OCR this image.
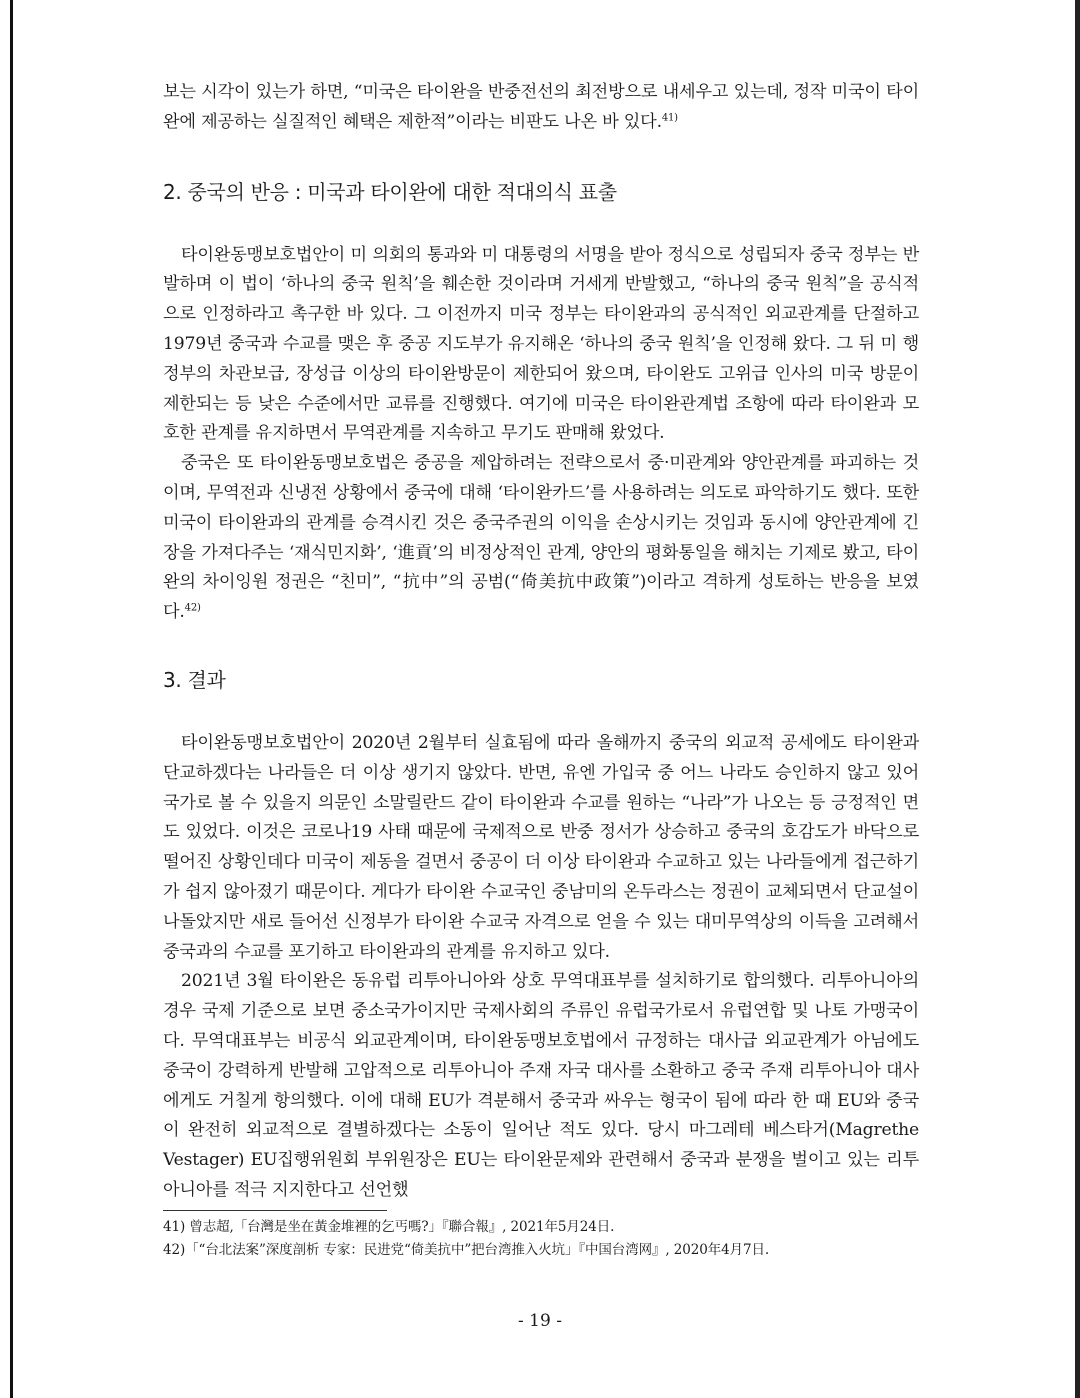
보는 시각이 있는가 하면, “미국은 타이완을 반중전선의 최전방으로 내세우고 있는데, 정작 미국이 타이완에 제공하는 실질적인 혜택은 제한적”이라는 비판도 나온 바 있다.$^{41)}$

2. 중국의 반응 : 미국과 타이완에 대한 적대의식 표출

타이완동맹보호법안이 미 의회의 통과와 미 대통령의 서명을 받아 정식으로 성립되자 중국 정부는 반발하며 이 법이 ‘하나의 중국 원칙’을 훼손한 것이라며 거세게 반발했고, “하나의 중국 원칙”을 공식적으로 인정하라고 촉구한 바 있다. 그 이전까지 미국 정부는 타이완과의 공식적인 외교관계를 단절하고 1979년 중국과 수교를 맺은 후 중공 지도부가 유지해온 ‘하나의 중국 원칙’을 인정해 왔다. 그 뒤 미 행정부의 차관보급, 장성급 이상의 타이완방문이 제한되어 왔으며, 타이완도 고위급 인사의 미국 방문이 제한되는 등 낮은 수준에서만 교류를 진행했다. 여기에 미국은 타이완관계법 조항에 따라 타이완과 모호한 관계를 유지하면서 무역관계를 지속하고 무기도 판매해 왔었다.

중국은 또 타이완동맹보호법은 중공을 제압하려는 전략으로서 중·미관계와 양안관계를 파괴하는 것이며, 무역전과 신냉전 상황에서 중국에 대해 ‘타이완카드’를 사용하려는 의도로 파악하기도 했다. 또한 미국이 타이완과의 관계를 승격시킨 것은 중국주권의 이익을 손상시키는 것임과 동시에 양안관계에 긴장을 가져다주는 ‘재식민지화’, ‘進貢’의 비정상적인 관계, 양안의 평화통일을 해치는 기제로 봤고, 타이완의 차이잉원 정권은 “친미”, “抗中”의 공범(“倚美抗中政策”)이라고 격하게 성토하는 반응을 보였다.$^{42)}$

3. 결과

타이완동맹보호법안이 2020년 2월부터 실효됨에 따라 올해까지 중국의 외교적 공세에도 타이완과 단교하겠다는 나라들은 더 이상 생기지 않았다. 반면, 유엔 가입국 중 어느 나라도 승인하지 않고 있어 국가로 볼 수 있을지 의문인 소말릴란드 같이 타이완과 수교를 원하는 “나라”가 나오는 등 긍정적인 면도 있었다. 이것은 코로나19 사태 때문에 국제적으로 반중 정서가 상승하고 중국의 호감도가 바닥으로 떨어진 상황인데다 미국이 제동을 걸면서 중공이 더 이상 타이완과 수교하고 있는 나라들에게 접근하기가 쉽지 않아졌기 때문이다. 게다가 타이완 수교국인 중남미의 온두라스는 정권이 교체되면서 단교설이 나돌았지만 새로 들어선 신정부가 타이완 수교국 자격으로 얻을 수 있는 대미무역상의 이득을 고려해서 중국과의 수교를 포기하고 타이완과의 관계를 유지하고 있다.

2021년 3월 타이완은 동유럽 리투아니아와 상호 무역대표부를 설치하기로 합의했다. 리투아니아의 경우 국제 기준으로 보면 중소국가이지만 국제사회의 주류인 유럽국가로서 유럽연합 및 나토 가맹국이다. 무역대표부는 비공식 외교관계이며, 타이완동맹보호법에서 규정하는 대사급 외교관계가 아님에도 중국이 강력하게 반발해 고압적으로 리투아니아 주재 자국 대사를 소환하고 중국 주재 리투아니아 대사에게도 거칠게 항의했다. 이에 대해 EU가 격분해서 중국과 싸우는 형국이 됨에 따라 한 때 EU와 중국이 완전히 외교적으로 결별하겠다는 소동이 일어난 적도 있다. 당시 마그레테 베스타거(Magrethe Vestager) EU집행위원회 부위원장은 EU는 타이완문제와 관련해서 중국과 분쟁을 벌이고 있는 리투아니아를 적극 지지한다고 선언했

41) 曾志超,「台灣是坐在黃金堆裡的乞丐嗎?」『聯合報』, 2021年5月24日.
42)「“台北法案”深度剖析 专家：民进党“倚美抗中”把台湾推入火坑」『中国台湾网』, 2020年4月7日.
- 19 -
